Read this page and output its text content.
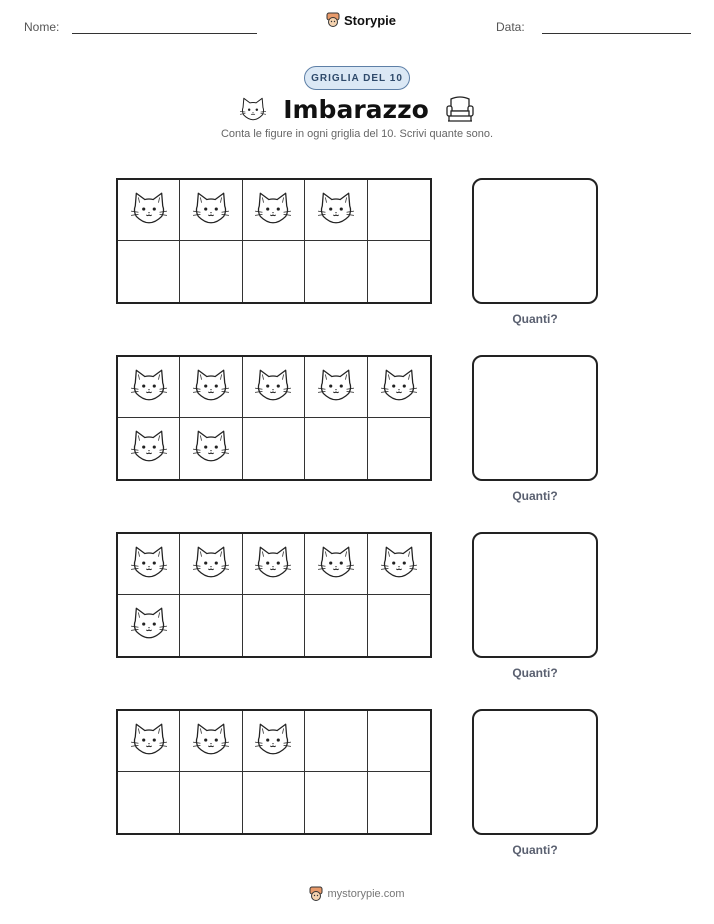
Nome:	Storypie	Data:
GRIGLIA DEL 10
Imbarazzo
Conta le figure in ogni griglia del 10. Scrivi quante sono.
Quanti?
Quanti?
Quanti?
Quanti?
mystorypie.com
